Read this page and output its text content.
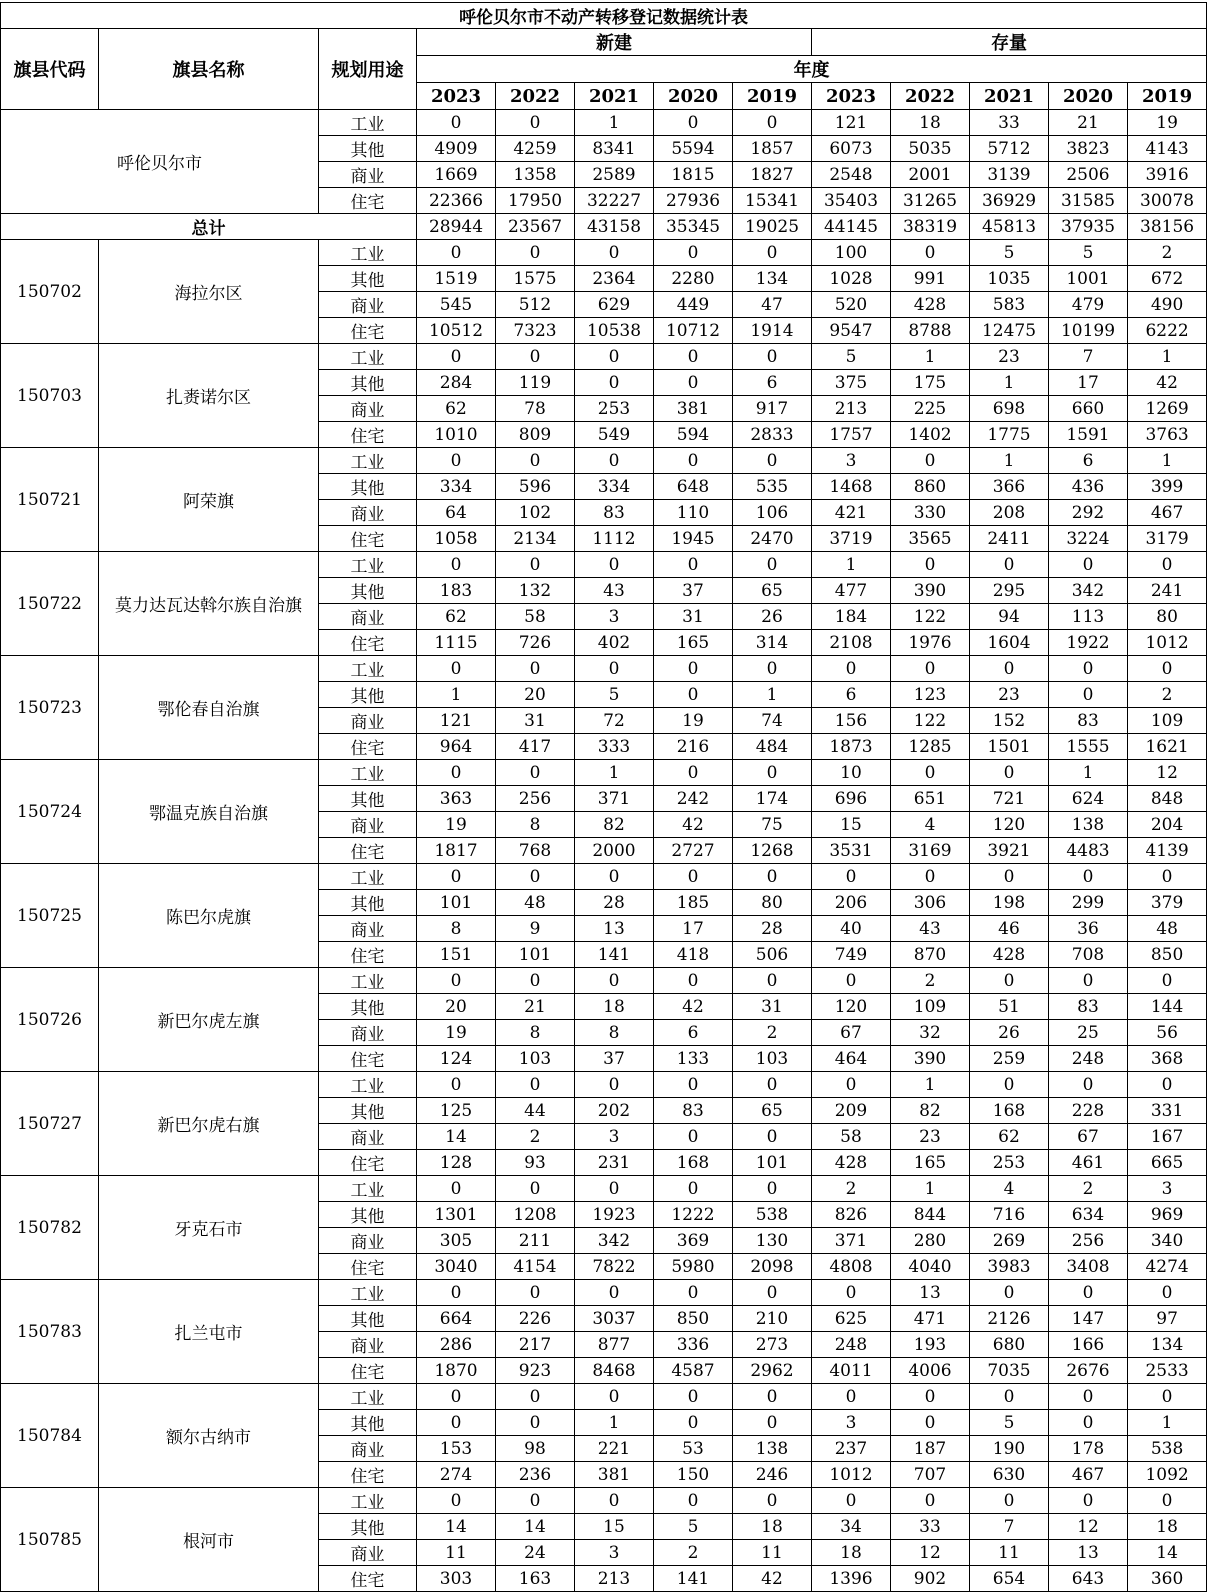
呼伦贝尔市不动产转移登记数据统计表												
旗县代码	旗县名称	规划用途	新建					存量				
			年度									
			2023	2022	2021	2020	2019	2023	2022	2021	2020	2019
呼伦贝尔市		工业	0	0	1	0	0	121	18	33	21	19
		其他	4909	4259	8341	5594	1857	6073	5035	5712	3823	4143
		商业	1669	1358	2589	1815	1827	2548	2001	3139	2506	3916
		住宅	22366	17950	32227	27936	15341	35403	31265	36929	31585	30078
总计			28944	23567	43158	35345	19025	44145	38319	45813	37935	38156
150702	海拉尔区	工业	0	0	0	0	0	100	0	5	5	2
		其他	1519	1575	2364	2280	134	1028	991	1035	1001	672
		商业	545	512	629	449	47	520	428	583	479	490
		住宅	10512	7323	10538	10712	1914	9547	8788	12475	10199	6222
150703	扎赉诺尔区	工业	0	0	0	0	0	5	1	23	7	1
		其他	284	119	0	0	6	375	175	1	17	42
		商业	62	78	253	381	917	213	225	698	660	1269
		住宅	1010	809	549	594	2833	1757	1402	1775	1591	3763
150721	阿荣旗	工业	0	0	0	0	0	3	0	1	6	1
		其他	334	596	334	648	535	1468	860	366	436	399
		商业	64	102	83	110	106	421	330	208	292	467
		住宅	1058	2134	1112	1945	2470	3719	3565	2411	3224	3179
150722	莫力达瓦达斡尔族自治旗	工业	0	0	0	0	0	1	0	0	0	0
		其他	183	132	43	37	65	477	390	295	342	241
		商业	62	58	3	31	26	184	122	94	113	80
		住宅	1115	726	402	165	314	2108	1976	1604	1922	1012
150723	鄂伦春自治旗	工业	0	0	0	0	0	0	0	0	0	0
		其他	1	20	5	0	1	6	123	23	0	2
		商业	121	31	72	19	74	156	122	152	83	109
		住宅	964	417	333	216	484	1873	1285	1501	1555	1621
150724	鄂温克族自治旗	工业	0	0	1	0	0	10	0	0	1	12
		其他	363	256	371	242	174	696	651	721	624	848
		商业	19	8	82	42	75	15	4	120	138	204
		住宅	1817	768	2000	2727	1268	3531	3169	3921	4483	4139
150725	陈巴尔虎旗	工业	0	0	0	0	0	0	0	0	0	0
		其他	101	48	28	185	80	206	306	198	299	379
		商业	8	9	13	17	28	40	43	46	36	48
		住宅	151	101	141	418	506	749	870	428	708	850
150726	新巴尔虎左旗	工业	0	0	0	0	0	0	2	0	0	0
		其他	20	21	18	42	31	120	109	51	83	144
		商业	19	8	8	6	2	67	32	26	25	56
		住宅	124	103	37	133	103	464	390	259	248	368
150727	新巴尔虎右旗	工业	0	0	0	0	0	0	1	0	0	0
		其他	125	44	202	83	65	209	82	168	228	331
		商业	14	2	3	0	0	58	23	62	67	167
		住宅	128	93	231	168	101	428	165	253	461	665
150782	牙克石市	工业	0	0	0	0	0	2	1	4	2	3
		其他	1301	1208	1923	1222	538	826	844	716	634	969
		商业	305	211	342	369	130	371	280	269	256	340
		住宅	3040	4154	7822	5980	2098	4808	4040	3983	3408	4274
150783	扎兰屯市	工业	0	0	0	0	0	0	13	0	0	0
		其他	664	226	3037	850	210	625	471	2126	147	97
		商业	286	217	877	336	273	248	193	680	166	134
		住宅	1870	923	8468	4587	2962	4011	4006	7035	2676	2533
150784	额尔古纳市	工业	0	0	0	0	0	0	0	0	0	0
		其他	0	0	1	0	0	3	0	5	0	1
		商业	153	98	221	53	138	237	187	190	178	538
		住宅	274	236	381	150	246	1012	707	630	467	1092
150785	根河市	工业	0	0	0	0	0	0	0	0	0	0
		其他	14	14	15	5	18	34	33	7	12	18
		商业	11	24	3	2	11	18	12	11	13	14
		住宅	303	163	213	141	42	1396	902	654	643	360
